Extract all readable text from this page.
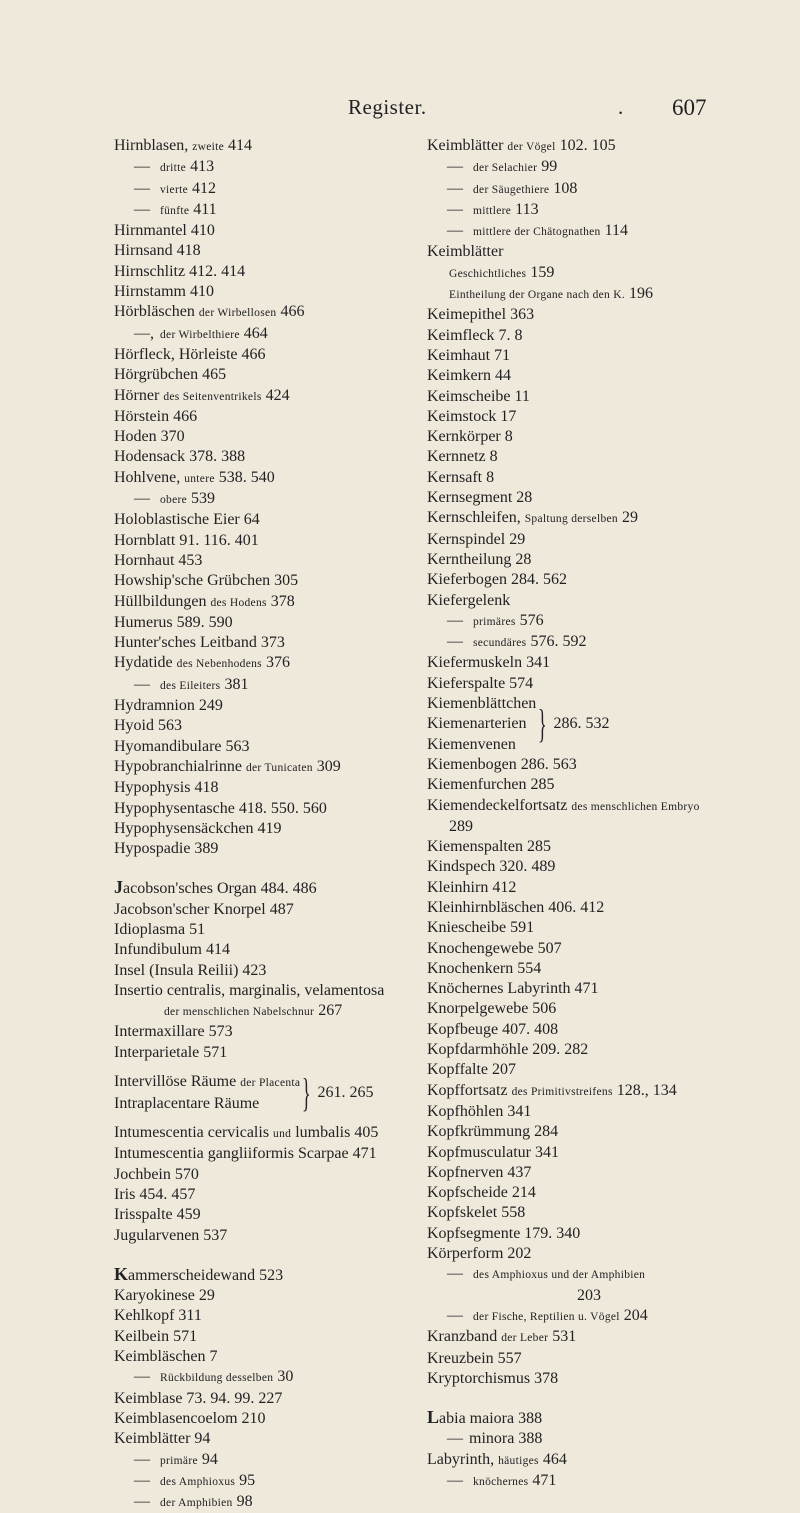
Register.	. 607
Hirnblasen, zweite 414
— dritte 413
— vierte 412
— fünfte 411
Hirnmantel 410
Hirnsand 418
Hirnschlitz 412. 414
Hirnstamm 410
Hörbläschen der Wirbellosen 466
—, der Wirbelthiere 464
Hörfleck, Hörleiste 466
Hörgrübchen 465
Hörner des Seitenventrikels 424
Hörstein 466
Hoden 370
Hodensack 378. 388
Hohlvene, untere 538. 540
— obere 539
Holoblastische Eier 64
Hornblatt 91. 116. 401
Hornhaut 453
Howship'sche Grübchen 305
Hüllbildungen des Hodens 378
Humerus 589. 590
Hunter'sches Leitband 373
Hydatide des Nebenhodens 376
— des Eileiters 381
Hydramnion 249
Hyoid 563
Hyomandibulare 563
Hypobranchialrinne der Tunicaten 309
Hypophysis 418
Hypophysentasche 418. 550. 560
Hypophysensäckchen 419
Hypospadie 389
Jacobson'sches Organ 484. 486
Jacobson'scher Knorpel 487
Idioplasma 51
Infundibulum 414
Insel (Insula Reilii) 423
Insertio centralis, marginalis, velamentosa
der menschlichen Nabelschnur 267
Intermaxillare 573
Interparietale 571
Intervillöse Räume der Placenta
Intraplacentare Räume	} 261. 265
Intumescentia cervicalis und lumbalis 405
Intumescentia gangliiformis Scarpae 471
Jochbein 570
Iris 454. 457
Irisspalte 459
Jugularvenen 537
Kammerscheidewand 523
Karyokinese 29
Kehlkopf 311
Keilbein 571
Keimbläschen 7
— Rückbildung desselben 30
Keimblase 73. 94. 99. 227
Keimblasencoelom 210
Keimblätter 94
— primäre 94
— des Amphioxus 95
— der Amphibien 98
Keimblätter der Vögel 102. 105
— der Selachier 99
— der Säugethiere 108
— mittlere 113
— mittlere der Chätognathen 114
Keimblätter
Geschichtliches 159
Eintheilung der Organe nach den K. 196
Keimepithel 363
Keimfleck 7. 8
Keimhaut 71
Keimkern 44
Keimscheibe 11
Keimstock 17
Kernkörper 8
Kernnetz 8
Kernsaft 8
Kernsegment 28
Kernschleifen, Spaltung derselben 29
Kernspindel 29
Kerntheilung 28
Kieferbogen 284. 562
Kiefergelenk
— primäres 576
— secundäres 576. 592
Kiefermuskeln 341
Kieferspalte 574
Kiemenblättchen
Kiemenarterien
Kiemenvenen } 286. 532
Kiemenbogen 286. 563
Kiemenfurchen 285
Kiemendeckelfortsatz des menschlichen Embryo
289
Kiemenspalten 285
Kindspech 320. 489
Kleinhirn 412
Kleinhirnbläschen 406. 412
Kniescheibe 591
Knochengewebe 507
Knochenkern 554
Knöchernes Labyrinth 471
Knorpelgewebe 506
Kopfbeuge 407. 408
Kopfdarmhöhle 209. 282
Kopffalte 207
Kopffortsatz des Primitivstreifens 128., 134
Kopfhöhlen 341
Kopfkrümmung 284
Kopfmusculatur 341
Kopfnerven 437
Kopfscheide 214
Kopfskelet 558
Kopfsegmente 179. 340
Körperform 202
— des Amphioxus und der Amphibien
203
— der Fische, Reptilien u. Vögel 204
Kranzband der Leber 531
Kreuzbein 557
Kryptorchismus 378
Labia maiora 388
— minora 388
Labyrinth, häutiges 464
— knöchernes 471
